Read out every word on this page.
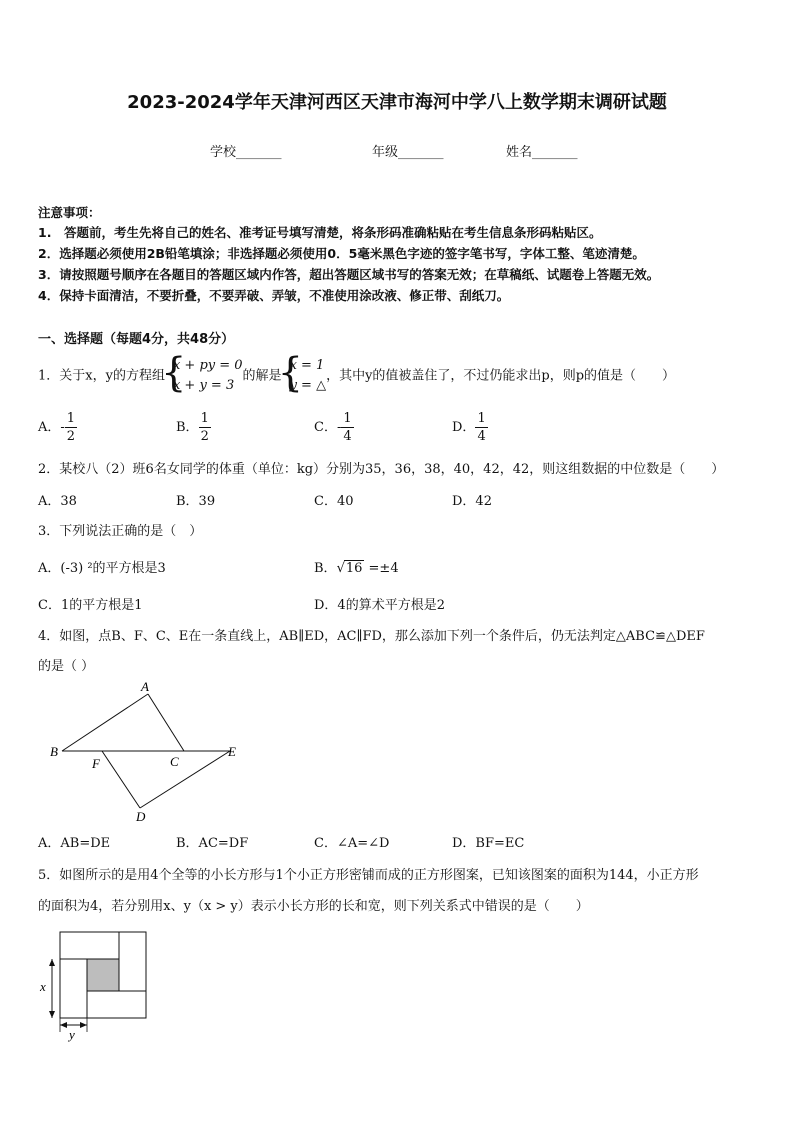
2023-2024学年天津河西区天津市海河中学八上数学期末调研试题
学校_______	年级_______	姓名_______
注意事项：
1.　答题前，考生先将自己的姓名、准考证号填写清楚，将条形码准确粘贴在考生信息条形码粘贴区。
2．选择题必须使用2B铅笔填涂；非选择题必须使用0．5毫米黑色字迹的签字笔书写，字体工整、笔迹清楚。
3．请按照题号顺序在各题目的答题区域内作答，超出答题区域书写的答案无效；在草稿纸、试题卷上答题无效。
4．保持卡面清洁，不要折叠，不要弄破、弄皱，不准使用涂改液、修正带、刮纸刀。
一、选择题（每题4分，共48分）
1．关于x，y的方程组
{ x + py = 0
x + y = 3
的解是
{ x = 1
y = △
，其中y的值被盖住了，不过仍能求出p，则p的值是（　　）
A．- $\frac{1}{2}$	B． $\frac{1}{2}$	C．- $\frac{1}{4}$	D． $\frac{1}{4}$
2．某校八（2）班6名女同学的体重（单位：kg）分别为35，36，38，40，42，42，则这组数据的中位数是（　　）
A．38	B．39	C．40	D．42
3．下列说法正确的是（　）
A．(-3) ²的平方根是3	B．√16 =±4
C．1的平方根是1	D．4的算术平方根是2
4．如图，点B、F、C、E在一条直线上，AB∥ED，AC∥FD，那么添加下列一个条件后，仍无法判定△ABC≌△DEF
的是（ ）
A
B
F	C
E
D
A．AB=DE	B．AC=DF	C．∠A=∠D	D．BF=EC
5．如图所示的是用4个全等的小长方形与1个小正方形密铺而成的正方形图案，已知该图案的面积为144，小正方形
的面积为4，若分别用x、y（x > y）表示小长方形的长和宽，则下列关系式中错误的是（　　）
x
y
